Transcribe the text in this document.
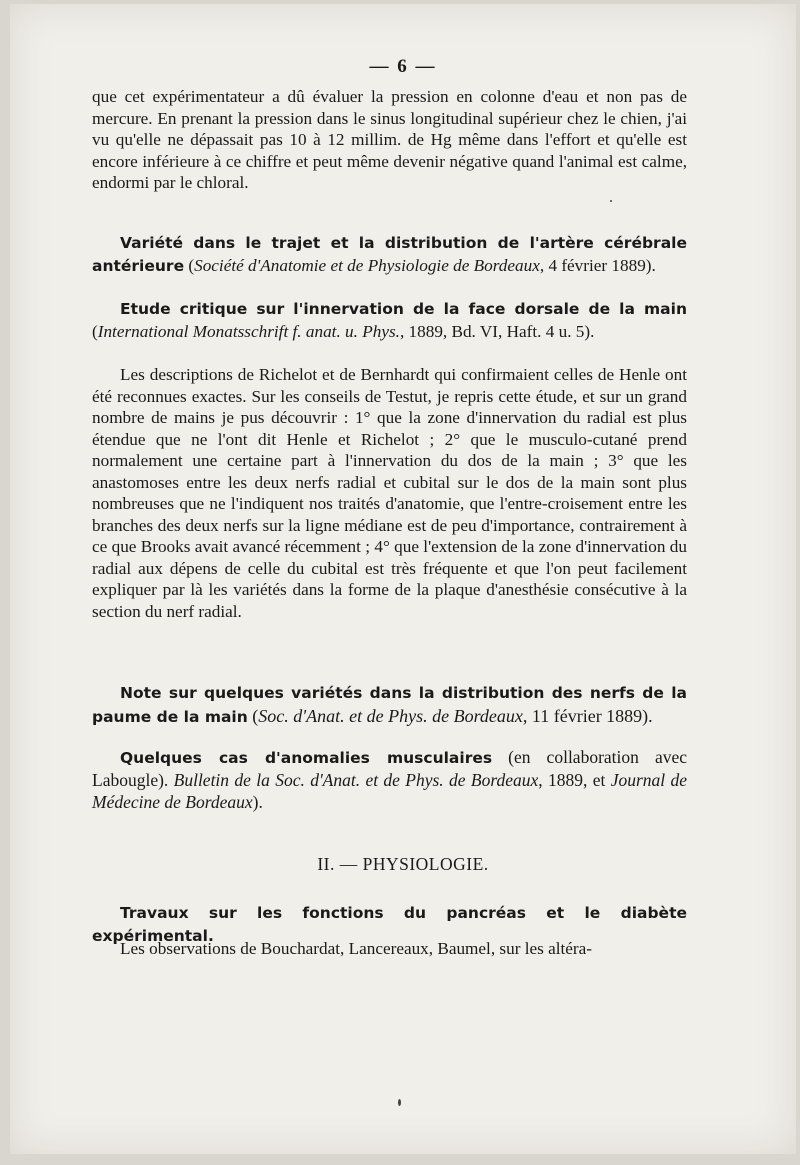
— 6 —

que cet expérimentateur a dû évaluer la pression en colonne d'eau et non pas de mercure. En prenant la pression dans le sinus longitudinal supérieur chez le chien, j'ai vu qu'elle ne dépassait pas 10 à 12 millim. de Hg même dans l'effort et qu'elle est encore inférieure à ce chiffre et peut même devenir négative quand l'animal est calme, endormi par le chloral.

Variété dans le trajet et la distribution de l'artère cérébrale antérieure (Société d'Anatomie et de Physiologie de Bordeaux, 4 février 1889).

Etude critique sur l'innervation de la face dorsale de la main (International Monatsschrift f. anat. u. Phys., 1889, Bd. VI, Haft. 4 u. 5).

Les descriptions de Richelot et de Bernhardt qui confirmaient celles de Henle ont été reconnues exactes. Sur les conseils de Testut, je repris cette étude, et sur un grand nombre de mains je pus découvrir : 1° que la zone d'innervation du radial est plus étendue que ne l'ont dit Henle et Richelot ; 2° que le musculo-cutané prend normalement une certaine part à l'innervation du dos de la main ; 3° que les anastomoses entre les deux nerfs radial et cubital sur le dos de la main sont plus nombreuses que ne l'indiquent nos traités d'anatomie, que l'entre-croisement entre les branches des deux nerfs sur la ligne médiane est de peu d'importance, contrairement à ce que Brooks avait avancé récemment ; 4° que l'extension de la zone d'innervation du radial aux dépens de celle du cubital est très fréquente et que l'on peut facilement expliquer par là les variétés dans la forme de la plaque d'anesthésie consécutive à la section du nerf radial.

Note sur quelques variétés dans la distribution des nerfs de la paume de la main (Soc. d'Anat. et de Phys. de Bordeaux, 11 février 1889).

Quelques cas d'anomalies musculaires (en collaboration avec Labougle). Bulletin de la Soc. d'Anat. et de Phys. de Bordeaux, 1889, et Journal de Médecine de Bordeaux).

II. — PHYSIOLOGIE.

Travaux sur les fonctions du pancréas et le diabète expérimental.

Les observations de Bouchardat, Lancereaux, Baumel, sur les altéra-
